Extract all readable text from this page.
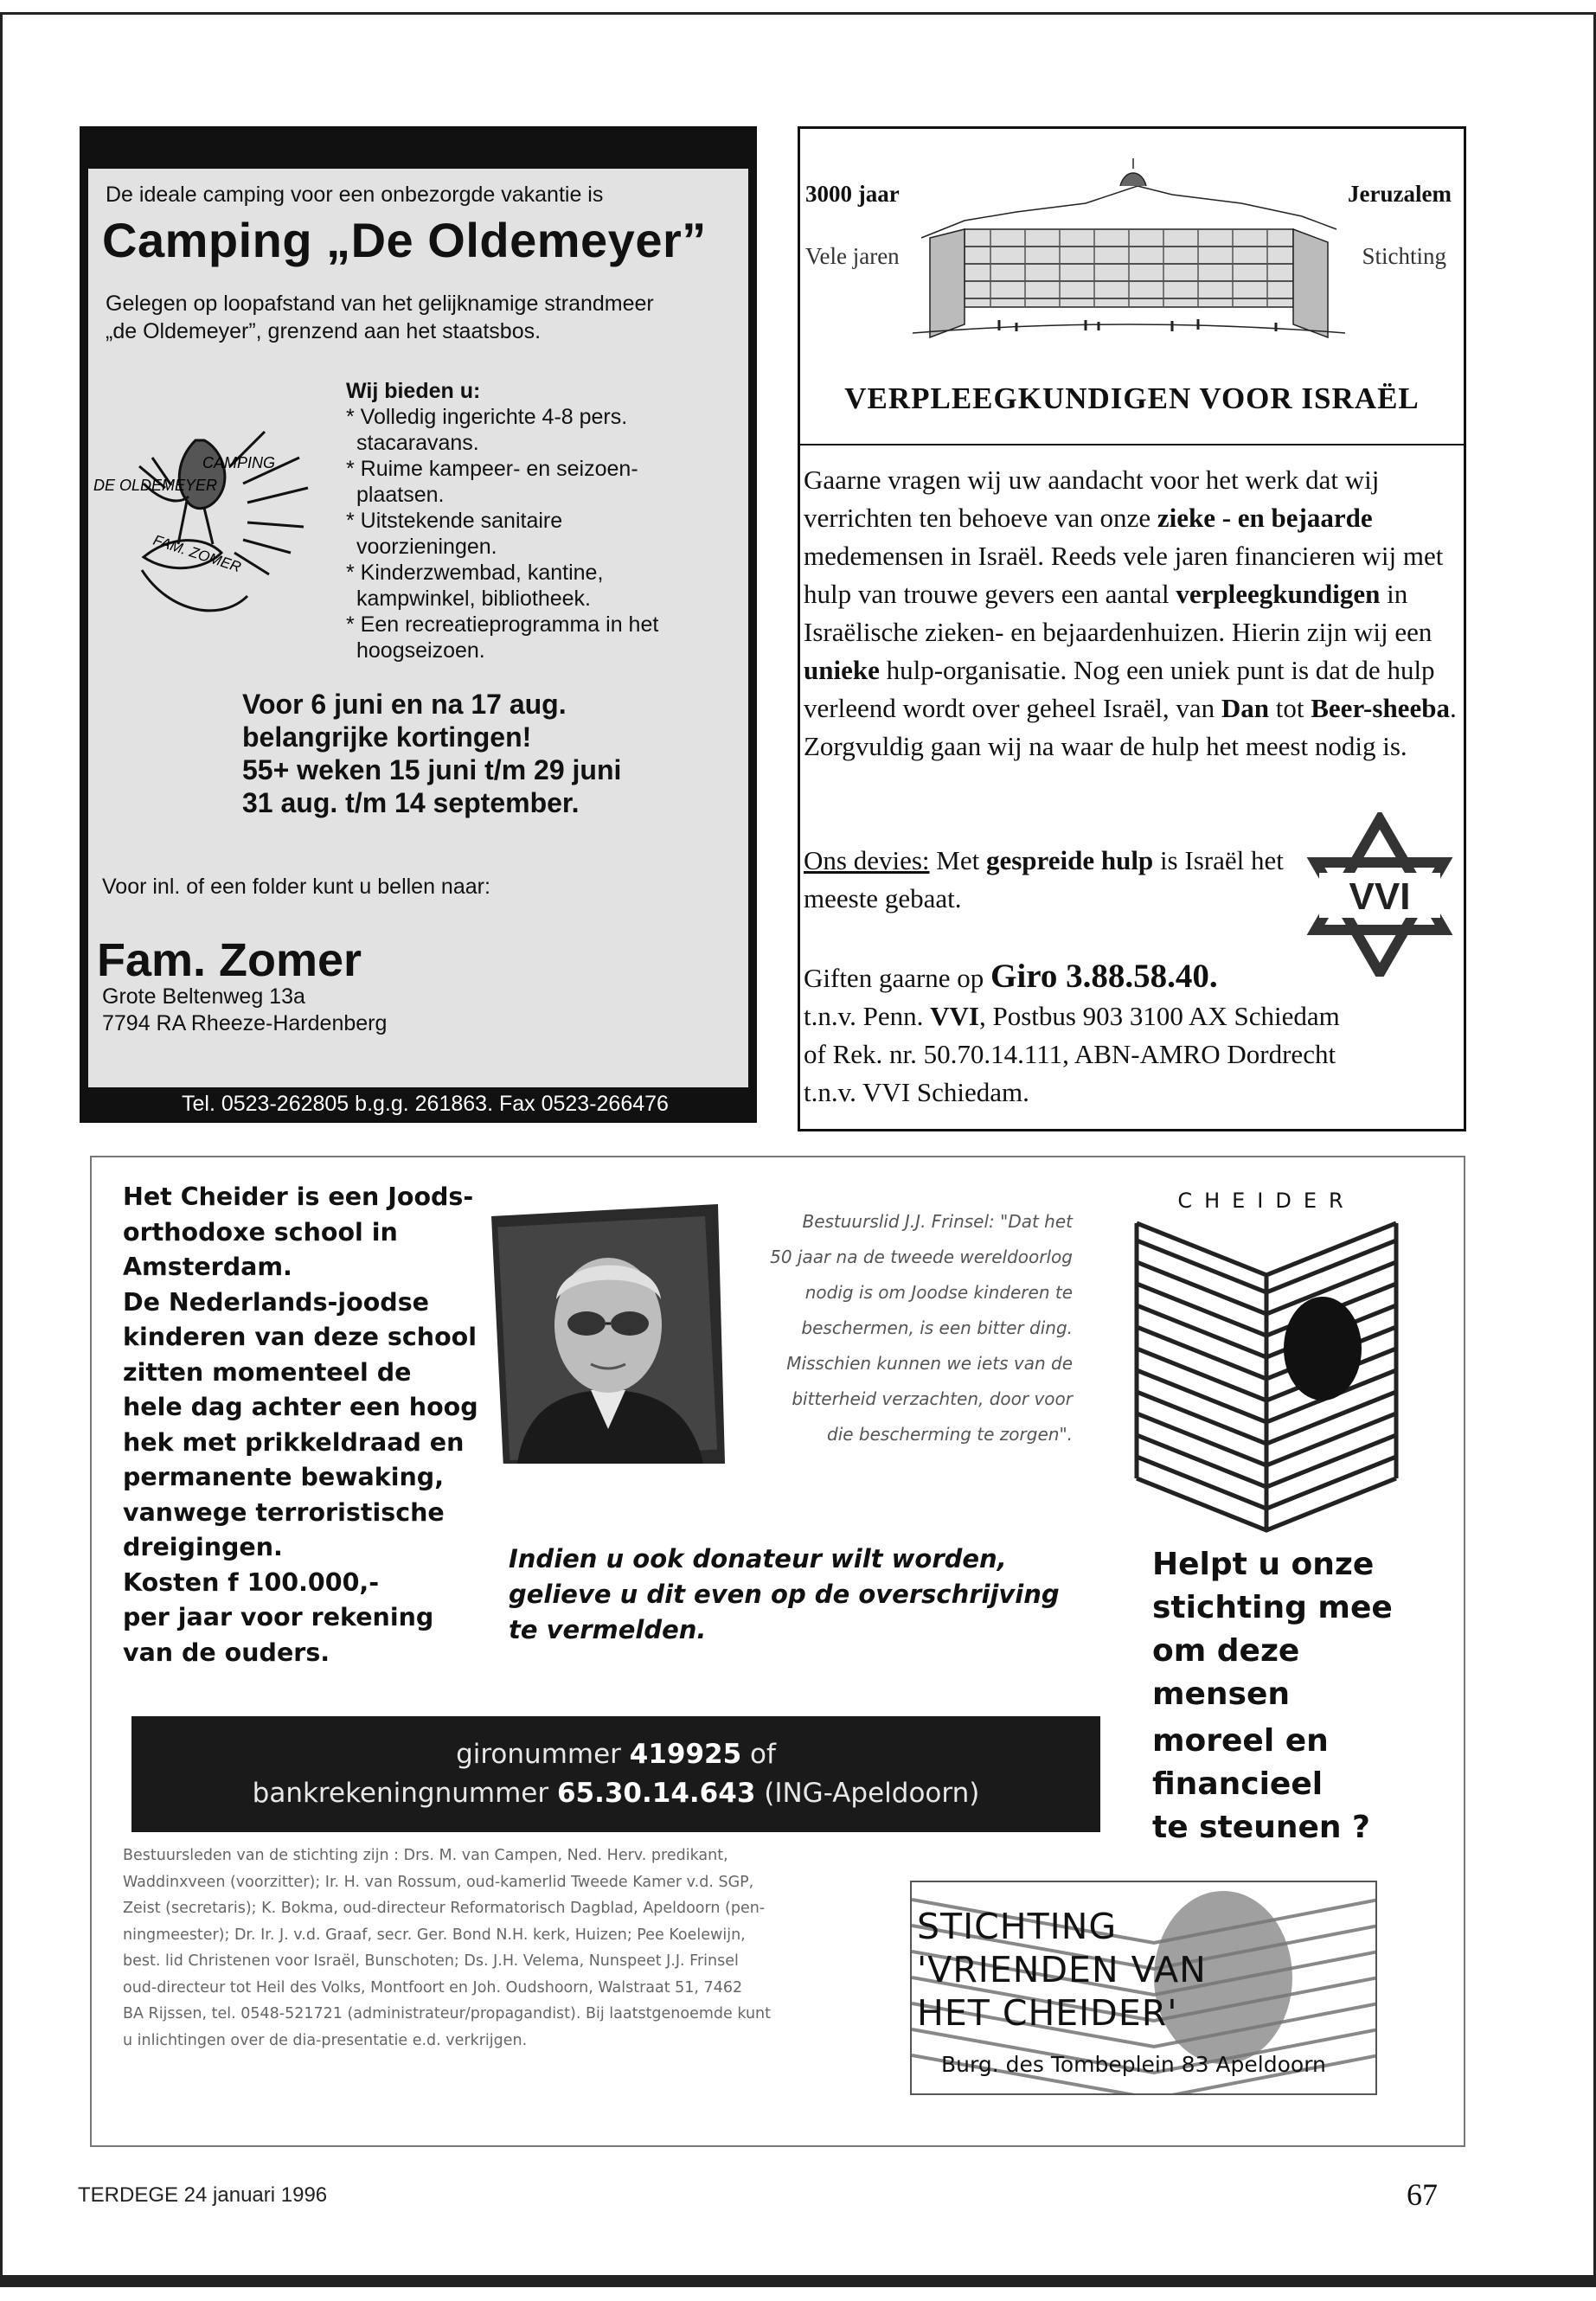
De ideale camping voor een onbezorgde vakantie is
Camping „De Oldemeyer”
Gelegen op loopafstand van het gelijknamige strandmeer
„de Oldemeyer”, grenzend aan het staatsbos.
CAMPING
DE OLDEMEYER
FAM. ZOMER
Wij bieden u:
* Volledig ingerichte 4-8 pers.
stacaravans.
* Ruime kampeer- en seizoen-
plaatsen.
* Uitstekende sanitaire
voorzieningen.
* Kinderzwembad, kantine,
kampwinkel, bibliotheek.
* Een recreatieprogramma in het
hoogseizoen.
Voor 6 juni en na 17 aug.
belangrijke kortingen!
55+ weken 15 juni t/m 29 juni
31 aug. t/m 14 september.
Voor inl. of een folder kunt u bellen naar:
Fam. Zomer
Grote Beltenweg 13a
7794 RA Rheeze-Hardenberg
Tel. 0523-262805 b.g.g. 261863. Fax 0523-266476
3000 jaar
Vele jaren
Jeruzalem
Stichting
VERPLEEGKUNDIGEN VOOR ISRAËL
Gaarne vragen wij uw aandacht voor het werk dat wij verrichten ten behoeve van onze zieke - en bejaarde medemensen in Israël. Reeds vele jaren financieren wij met hulp van trouwe gevers een aantal verpleegkundigen in Israëlische zieken- en bejaardenhuizen. Hierin zijn wij een unieke hulp-organisatie. Nog een uniek punt is dat de hulp verleend wordt over geheel Israël, van Dan tot Beer-sheeba. Zorgvuldig gaan wij na waar de hulp het meest nodig is.
Ons devies: Met gespreide hulp is Israël het meeste gebaat.	VVI
Giften gaarne op Giro 3.88.58.40.
t.n.v. Penn. VVI, Postbus 903 3100 AX Schiedam
of Rek. nr. 50.70.14.111, ABN-AMRO Dordrecht
t.n.v. VVI Schiedam.
Het Cheider is een Joods-
orthodoxe school in
Amsterdam.
De Nederlands-joodse
kinderen van deze school
zitten momenteel de
hele dag achter een hoog
hek met prikkeldraad en
permanente bewaking,
vanwege terroristische
dreigingen.
Kosten f 100.000,-
per jaar voor rekening
van de ouders.
Bestuurslid J.J. Frinsel: "Dat het
50 jaar na de tweede wereldoorlog
nodig is om Joodse kinderen te
beschermen, is een bitter ding.
Misschien kunnen we iets van de
bitterheid verzachten, door voor
die bescherming te zorgen".
CHEIDER
Indien u ook donateur wilt worden,
gelieve u dit even op de overschrijving
te vermelden.
Helpt u onze
stichting mee
om deze
mensen
moreel en
financieel
te steunen ?
gironummer 419925 of
bankrekeningnummer 65.30.14.643 (ING-Apeldoorn)
Bestuursleden van de stichting zijn : Drs. M. van Campen, Ned. Herv. predikant,
Waddinxveen (voorzitter); Ir. H. van Rossum, oud-kamerlid Tweede Kamer v.d. SGP,
Zeist (secretaris); K. Bokma, oud-directeur Reformatorisch Dagblad, Apeldoorn (pen-
ningmeester); Dr. Ir. J. v.d. Graaf, secr. Ger. Bond N.H. kerk, Huizen; Pee Koelewijn,
best. lid Christenen voor Israël, Bunschoten; Ds. J.H. Velema, Nunspeet J.J. Frinsel
oud-directeur tot Heil des Volks, Montfoort en Joh. Oudshoorn, Walstraat 51, 7462
BA Rijssen, tel. 0548-521721 (administrateur/propagandist). Bij laatstgenoemde kunt
u inlichtingen over de dia-presentatie e.d. verkrijgen.
STICHTING
'VRIENDEN VAN
HET CHEIDER'
Burg. des Tombeplein 83 Apeldoorn
TERDEGE 24 januari 1996	67
